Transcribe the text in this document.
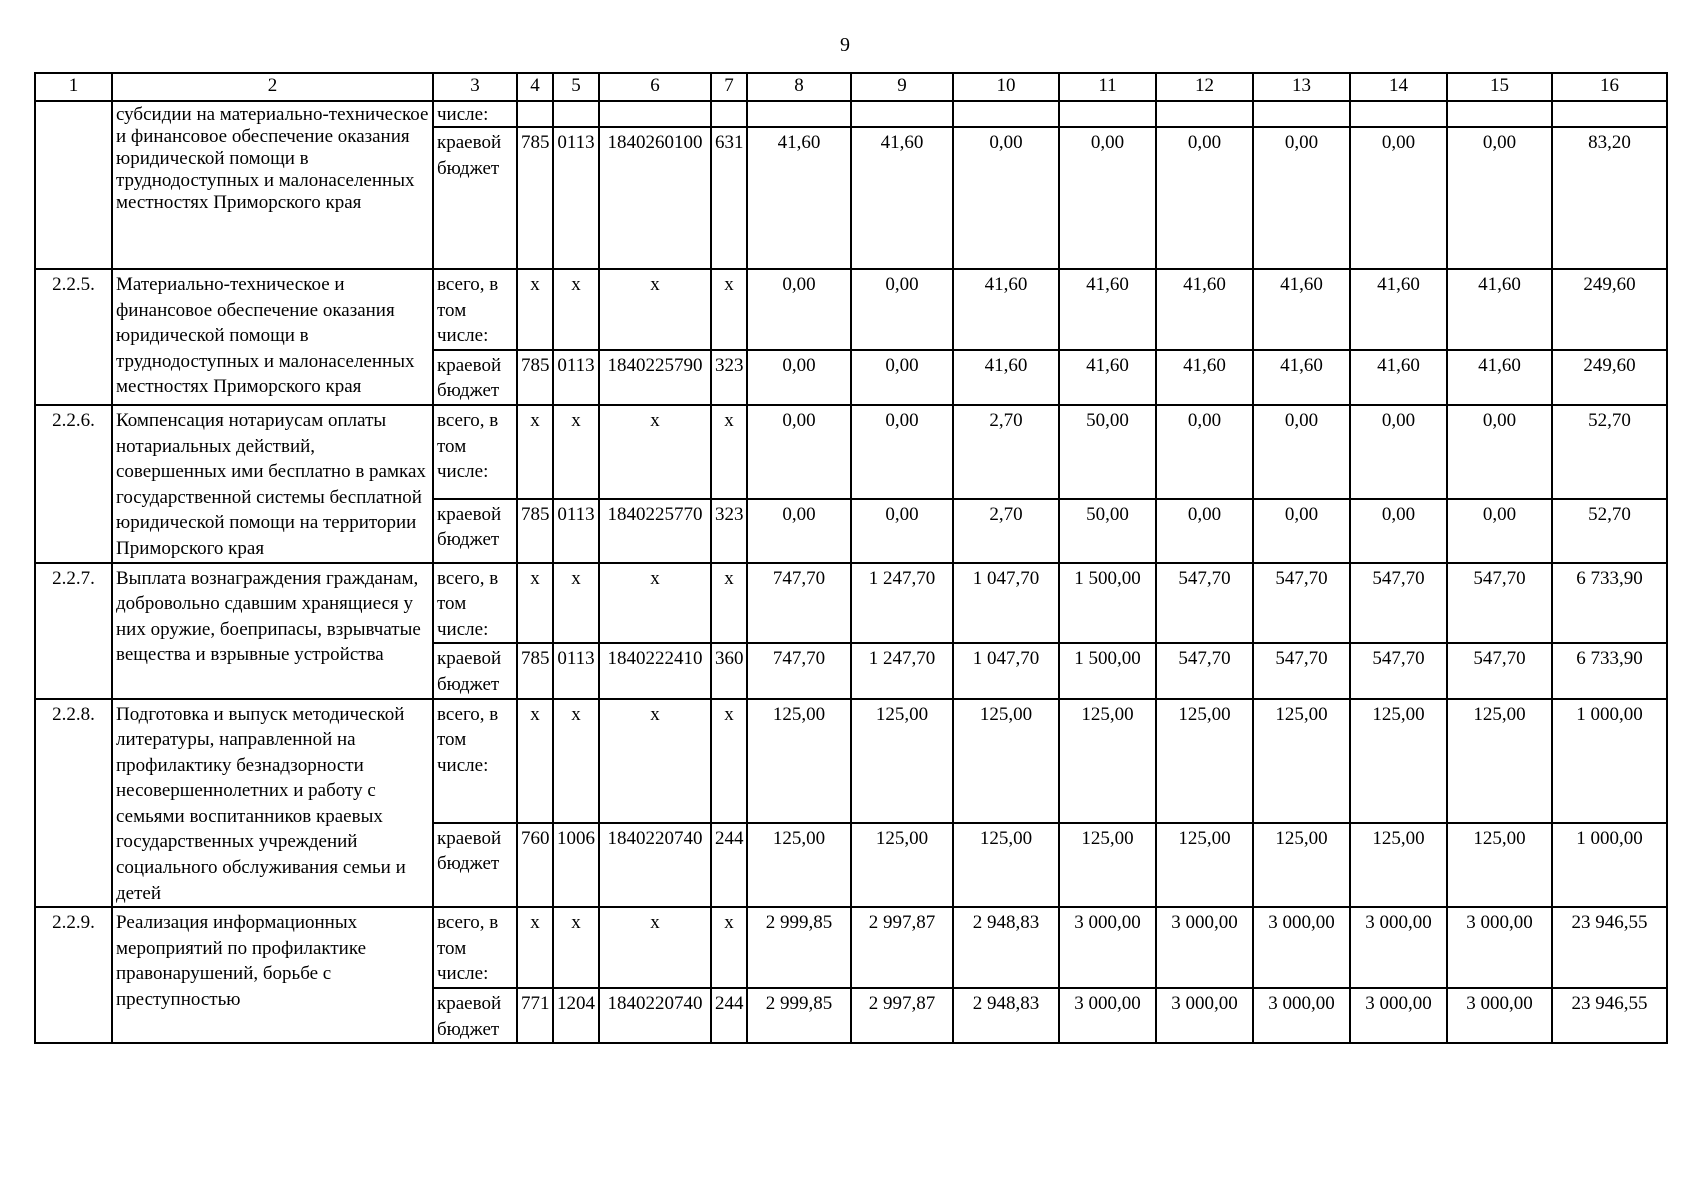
9
1	2	3	4	5	6	7	8	9	10	11	12	13	14	15	16
	субсидии на материально-техническое и финансовое обеспечение оказания юридической помощи в труднодоступных и малонаселенных местностях Приморского края	числе:													
		краевой бюджет	785	0113	1840260100	631	41,60	41,60	0,00	0,00	0,00	0,00	0,00	0,00	83,20
2.2.5.	Материально-техническое и финансовое обеспечение оказания юридической помощи в труднодоступных и малонаселенных местностях Приморского края	всего, в том числе:	x	x	x	x	0,00	0,00	41,60	41,60	41,60	41,60	41,60	41,60	249,60
		краевой бюджет	785	0113	1840225790	323	0,00	0,00	41,60	41,60	41,60	41,60	41,60	41,60	249,60
2.2.6.	Компенсация нотариусам оплаты нотариальных действий, совершенных ими бесплатно в рамках государственной системы бесплатной юридической помощи на территории Приморского края	всего, в том числе:	x	x	x	x	0,00	0,00	2,70	50,00	0,00	0,00	0,00	0,00	52,70
		краевой бюджет	785	0113	1840225770	323	0,00	0,00	2,70	50,00	0,00	0,00	0,00	0,00	52,70
2.2.7.	Выплата вознаграждения гражданам, добровольно сдавшим хранящиеся у них оружие, боеприпасы, взрывчатые вещества и взрывные устройства	всего, в том числе:	x	x	x	x	747,70	1 247,70	1 047,70	1 500,00	547,70	547,70	547,70	547,70	6 733,90
		краевой бюджет	785	0113	1840222410	360	747,70	1 247,70	1 047,70	1 500,00	547,70	547,70	547,70	547,70	6 733,90
2.2.8.	Подготовка и выпуск методической литературы, направленной на профилактику безнадзорности несовершеннолетних и работу с семьями воспитанников краевых государственных учреждений социального обслуживания семьи и детей	всего, в том числе:	x	x	x	x	125,00	125,00	125,00	125,00	125,00	125,00	125,00	125,00	1 000,00
		краевой бюджет	760	1006	1840220740	244	125,00	125,00	125,00	125,00	125,00	125,00	125,00	125,00	1 000,00
2.2.9.	Реализация информационных мероприятий по профилактике правонарушений, борьбе с преступностью	всего, в том числе:	x	x	x	x	2 999,85	2 997,87	2 948,83	3 000,00	3 000,00	3 000,00	3 000,00	3 000,00	23 946,55
		краевой бюджет	771	1204	1840220740	244	2 999,85	2 997,87	2 948,83	3 000,00	3 000,00	3 000,00	3 000,00	3 000,00	23 946,55
